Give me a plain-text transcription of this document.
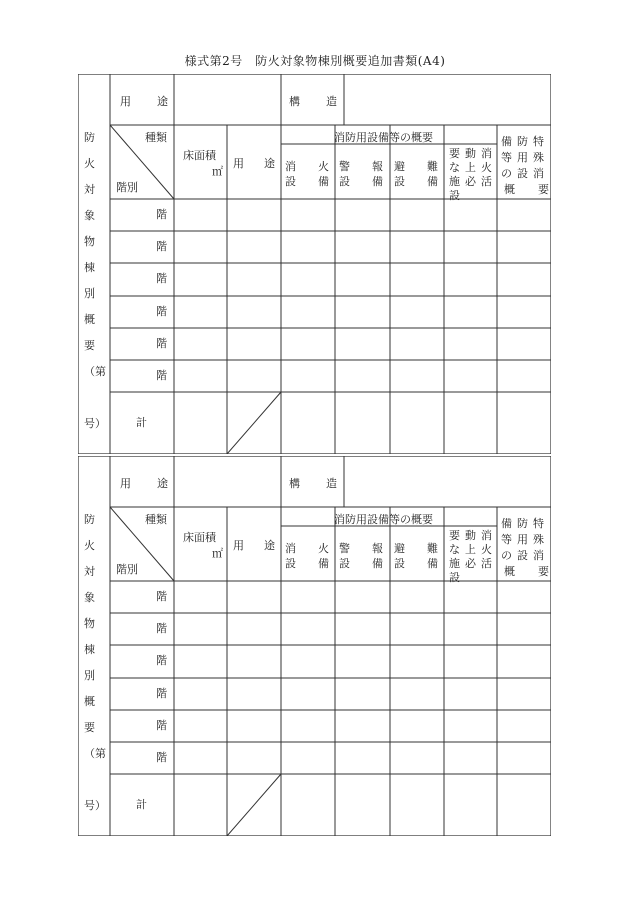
様式第2号　防火対象物棟別概要追加書類(A4)
防
火
対
象
物
棟
別
概
要
（第
号）
用 途	構 造
種類
階別
床面積
㎡
用 途
消防用設備等の概要
消 火
設 備
警 報
設 備
避 難
設 備
消
火
活
動
上
必
要
な
施
設
特
殊
消
防
用
設
備
等
の
概 要
階
階
階
階
階
階
計
防
火
対
象
物
棟
別
概
要
（第
号）
用 途	構 造
種類
階別
床面積
㎡
用 途
消防用設備等の概要
消 火
設 備
警 報
設 備
避 難
設 備
消
火
活
動
上
必
要
な
施
設
特
殊
消
防
用
設
備
等
の
概 要
階
階
階
階
階
階
計
